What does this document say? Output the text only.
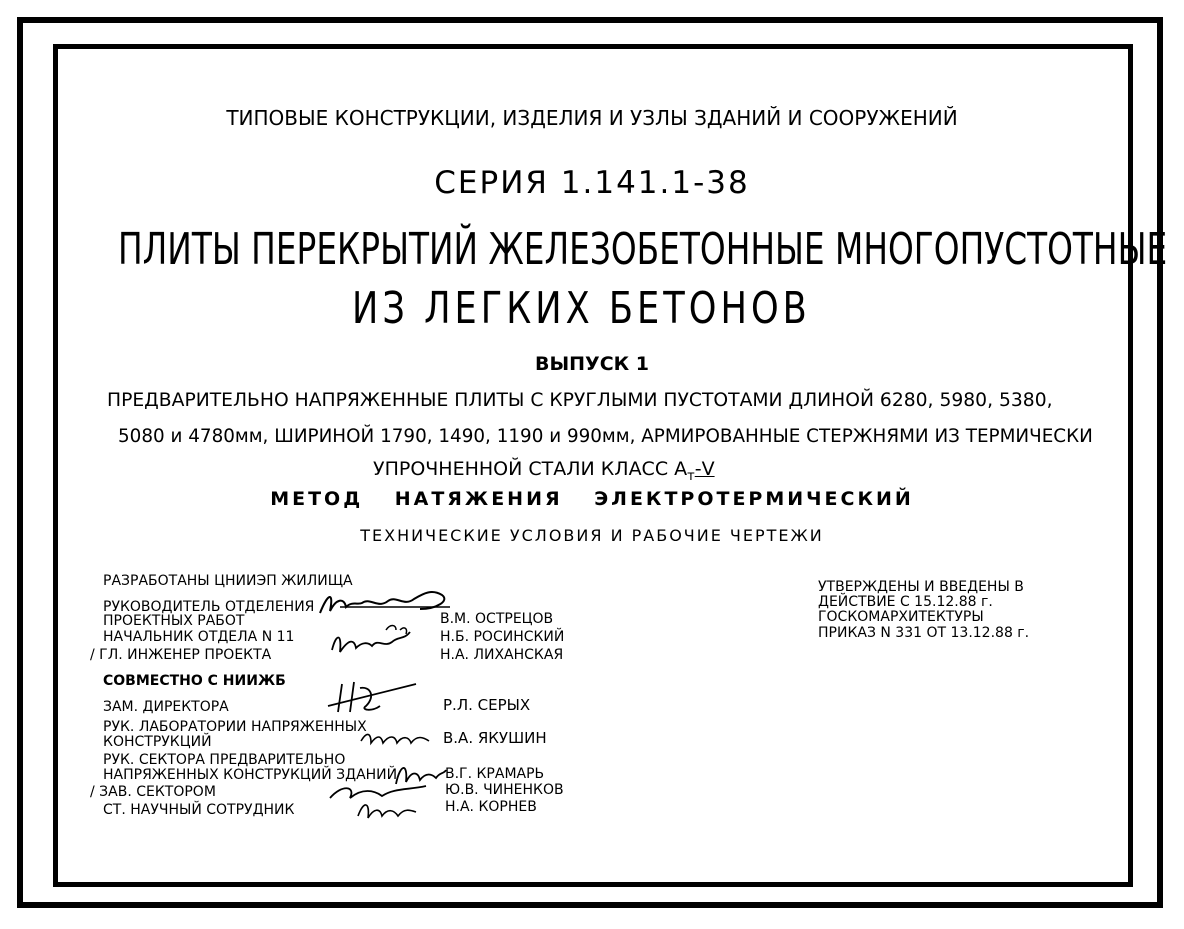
ТИПОВЫЕ КОНСТРУКЦИИ, ИЗДЕЛИЯ И УЗЛЫ ЗДАНИЙ И СООРУЖЕНИЙ
СЕРИЯ 1.141.1-38
ПЛИТЫ ПЕРЕКРЫТИЙ ЖЕЛЕЗОБЕТОННЫЕ МНОГОПУСТОТНЫЕ
ИЗ ЛЕГКИХ БЕТОНОВ
ВЫПУСК 1
ПРЕДВАРИТЕЛЬНО НАПРЯЖЕННЫЕ ПЛИТЫ С КРУГЛЫМИ ПУСТОТАМИ ДЛИНОЙ 6280, 5980, 5380,
5080 и 4780мм, ШИРИНОЙ 1790, 1490, 1190 и 990мм, АРМИРОВАННЫЕ СТЕРЖНЯМИ ИЗ ТЕРМИЧЕСКИ
УПРОЧНЕННОЙ СТАЛИ КЛАСС $А_т-V$
МЕТОД НАТЯЖЕНИЯ ЭЛЕКТРОТЕРМИЧЕСКИЙ
ТЕХНИЧЕСКИЕ УСЛОВИЯ И РАБОЧИЕ ЧЕРТЕЖИ
РАЗРАБОТАНЫ ЦНИИЭП ЖИЛИЩА
РУКОВОДИТЕЛЬ ОТДЕЛЕНИЯ
ПРОЕКТНЫХ РАБОТ	В.М. ОСТРЕЦОВ
НАЧАЛЬНИК ОТДЕЛА N 11	Н.Б. РОСИНСКИЙ
/ ГЛ. ИНЖЕНЕР ПРОЕКТА	Н.А. ЛИХАНСКАЯ
СОВМЕСТНО С НИИЖБ
ЗАМ. ДИРЕКТОРА	Р.Л. СЕРЫХ
РУК. ЛАБОРАТОРИИ НАПРЯЖЕННЫХ
КОНСТРУКЦИЙ	В.А. ЯКУШИН
РУК. СЕКТОРА ПРЕДВАРИТЕЛЬНО
НАПРЯЖЕННЫХ КОНСТРУКЦИЙ ЗДАНИЙ	В.Г. КРАМАРЬ
/ ЗАВ. СЕКТОРОМ	Ю.В. ЧИНЕНКОВ
СТ. НАУЧНЫЙ СОТРУДНИК	Н.А. КОРНЕВ
УТВЕРЖДЕНЫ И ВВЕДЕНЫ В
ДЕЙСТВИЕ С 15.12.88 г.
ГОСКОМАРХИТЕКТУРЫ
ПРИКАЗ N 331 ОТ 13.12.88 г.
